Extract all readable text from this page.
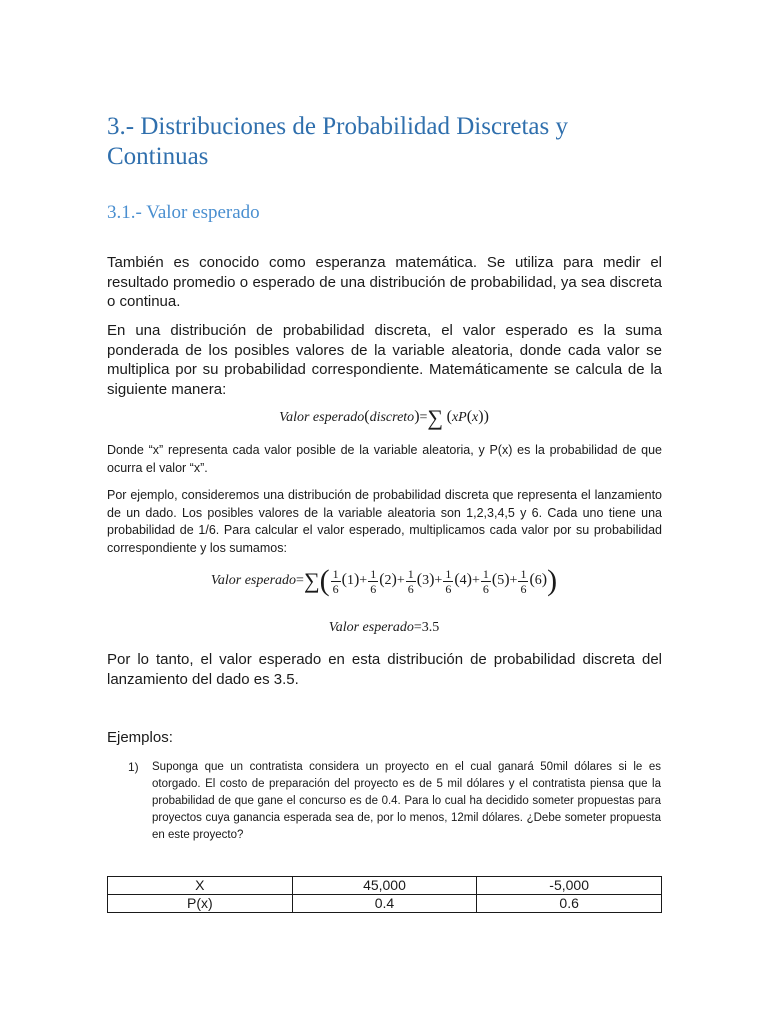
3.- Distribuciones de Probabilidad Discretas y Continuas
3.1.- Valor esperado
También es conocido como esperanza matemática. Se utiliza para medir el resultado promedio o esperado de una distribución de probabilidad, ya sea discreta o continua.
En una distribución de probabilidad discreta, el valor esperado es la suma ponderada de los posibles valores de la variable aleatoria, donde cada valor se multiplica por su probabilidad correspondiente. Matemáticamente se calcula de la siguiente manera:
Valor esperado(discreto)=∑ (xP(x))
Donde “x” representa cada valor posible de la variable aleatoria, y P(x) es la probabilidad de que ocurra el valor “x”.
Por ejemplo, consideremos una distribución de probabilidad discreta que representa el lanzamiento de un dado. Los posibles valores de la variable aleatoria son 1,2,3,4,5 y 6. Cada uno tiene una probabilidad de 1/6. Para calcular el valor esperado, multiplicamos cada valor por su probabilidad correspondiente y los sumamos:
Valor esperado=∑( $\frac{1}{6} (1)+ \frac{1}{6} (2)+ \frac{1}{6} (3)+ \frac{1}{6} (4)+ \frac{1}{6} (5)+ \frac{1}{6} (6)$)
Valor esperado=3.5
Por lo tanto, el valor esperado en esta distribución de probabilidad discreta del lanzamiento del dado es 3.5.
Ejemplos:
1) Suponga que un contratista considera un proyecto en el cual ganará 50mil dólares si le es otorgado. El costo de preparación del proyecto es de 5 mil dólares y el contratista piensa que la probabilidad de que gane el concurso es de 0.4. Para lo cual ha decidido someter propuestas para proyectos cuya ganancia esperada sea de, por lo menos, 12mil dólares. ¿Debe someter propuesta en este proyecto?
X	45,000	-5,000
P(x)	0.4	0.6
